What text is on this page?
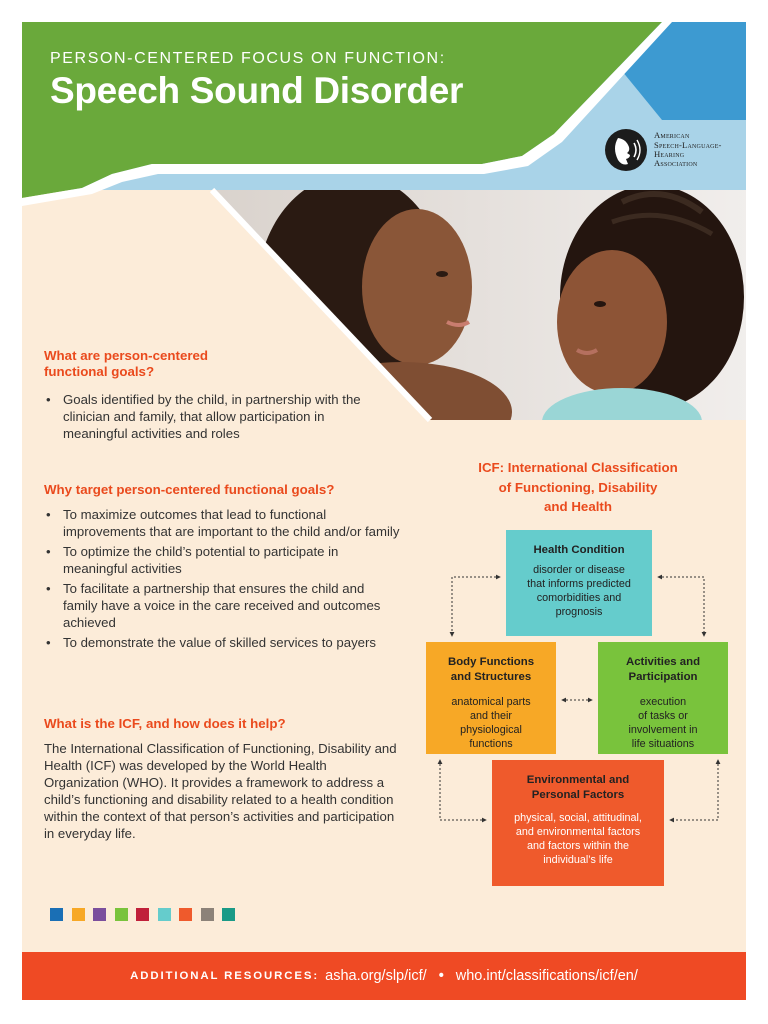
PERSON-CENTERED FOCUS ON FUNCTION:
Speech Sound Disorder
American
Speech-Language-
Hearing
Association
What are person-centered
functional goals?
• Goals identified by the child, in partnership with the clinician and family, that allow participation in meaningful activities and roles
Why target person-centered functional goals?
• To maximize outcomes that lead to functional improvements that are important to the child and/or family
• To optimize the child’s potential to participate in meaningful activities
• To facilitate a partnership that ensures the child and family have a voice in the care received and outcomes achieved
• To demonstrate the value of skilled services to payers
What is the ICF, and how does it help?
The International Classification of Functioning, Disability and Health (ICF) was developed by the World Health Organization (WHO). It provides a framework to address a child’s functioning and disability related to a health condition within the context of that person’s activities and participation in everyday life.
ICF: International Classification
of Functioning, Disability
and Health
Health Condition
disorder or disease
that informs predicted
comorbidities and
prognosis
Body Functions
and Structures
anatomical parts
and their
physiological
functions
Activities and
Participation
execution
of tasks or
involvement in
life situations
Environmental and
Personal Factors
physical, social, attitudinal,
and environmental factors
and factors within the
individual’s life
ADDITIONAL RESOURCES: asha.org/slp/icf/ • who.int/classifications/icf/en/
